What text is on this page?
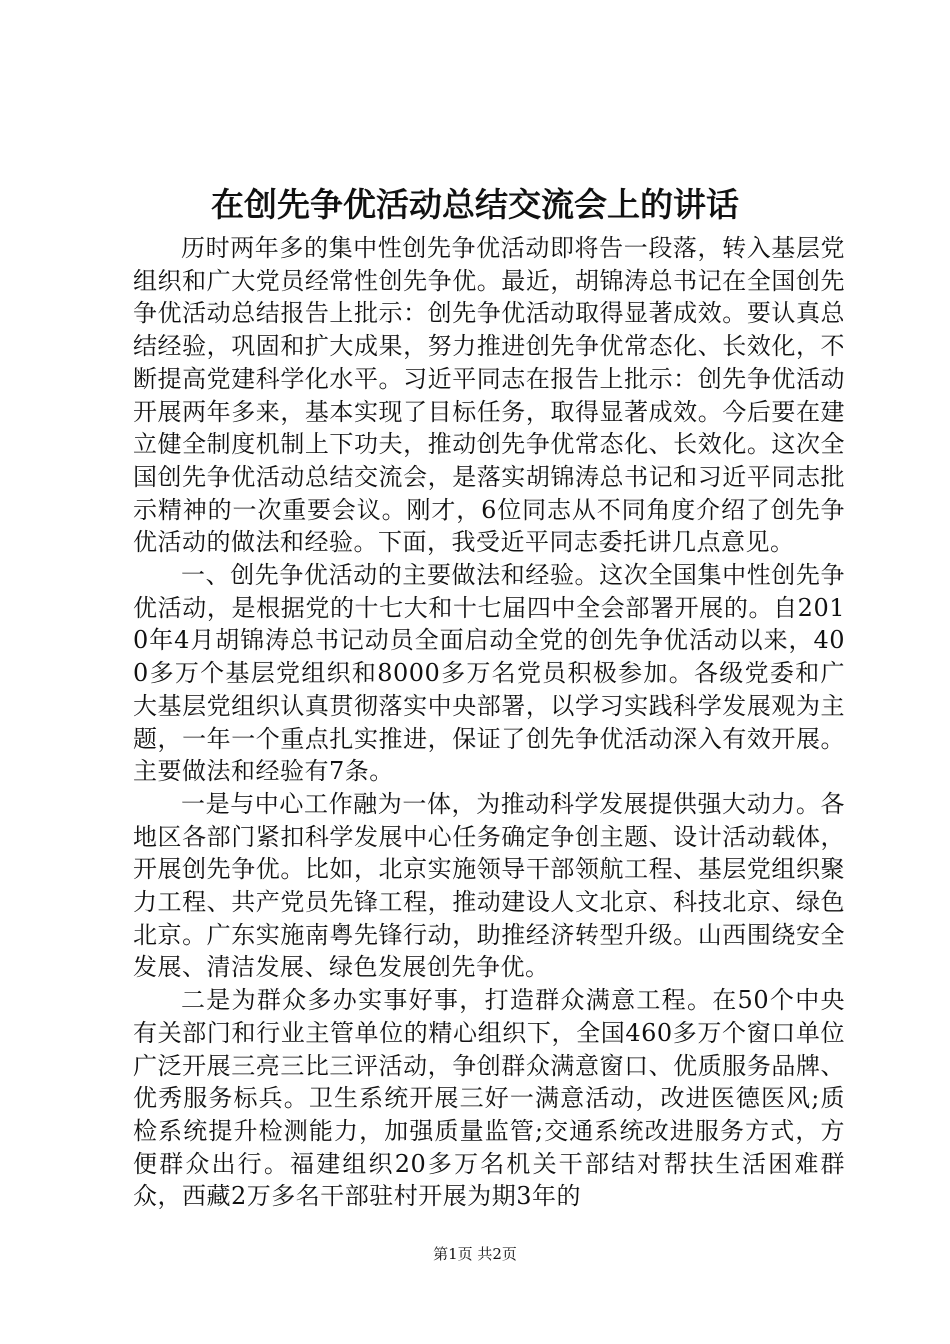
在创先争优活动总结交流会上的讲话

历时两年多的集中性创先争优活动即将告一段落，转入基层党组织和广大党员经常性创先争优。最近，胡锦涛总书记在全国创先争优活动总结报告上批示：创先争优活动取得显著成效。要认真总结经验，巩固和扩大成果，努力推进创先争优常态化、长效化，不断提高党建科学化水平。习近平同志在报告上批示：创先争优活动开展两年多来，基本实现了目标任务，取得显著成效。今后要在建立健全制度机制上下功夫，推动创先争优常态化、长效化。这次全国创先争优活动总结交流会，是落实胡锦涛总书记和习近平同志批示精神的一次重要会议。刚才，6位同志从不同角度介绍了创先争优活动的做法和经验。下面，我受近平同志委托讲几点意见。

一、创先争优活动的主要做法和经验。这次全国集中性创先争优活动，是根据党的十七大和十七届四中全会部署开展的。自2010年4月胡锦涛总书记动员全面启动全党的创先争优活动以来，400多万个基层党组织和8000多万名党员积极参加。各级党委和广大基层党组织认真贯彻落实中央部署，以学习实践科学发展观为主题，一年一个重点扎实推进，保证了创先争优活动深入有效开展。主要做法和经验有7条。

一是与中心工作融为一体，为推动科学发展提供强大动力。各地区各部门紧扣科学发展中心任务确定争创主题、设计活动载体，开展创先争优。比如，北京实施领导干部领航工程、基层党组织聚力工程、共产党员先锋工程，推动建设人文北京、科技北京、绿色北京。广东实施南粤先锋行动，助推经济转型升级。山西围绕安全发展、清洁发展、绿色发展创先争优。

二是为群众多办实事好事，打造群众满意工程。在50个中央有关部门和行业主管单位的精心组织下，全国460多万个窗口单位广泛开展三亮三比三评活动，争创群众满意窗口、优质服务品牌、优秀服务标兵。卫生系统开展三好一满意活动，改进医德医风;质检系统提升检测能力，加强质量监管;交通系统改进服务方式，方便群众出行。福建组织20多万名机关干部结对帮扶生活困难群众，西藏2万多名干部驻村开展为期3年的

第1页 共2页
